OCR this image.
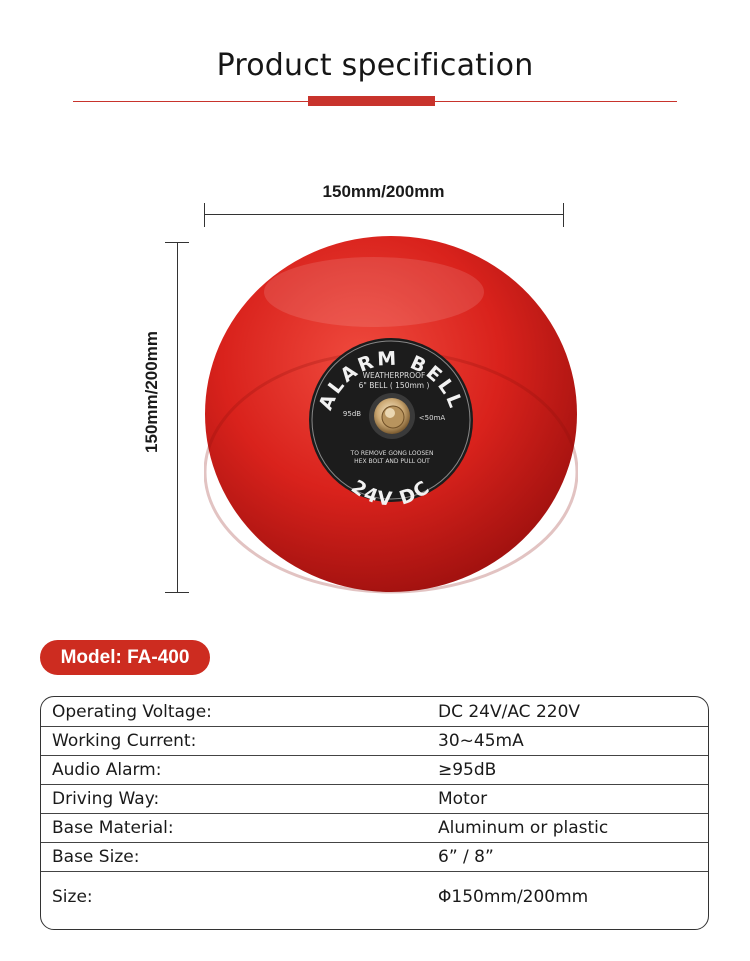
Product specification
150mm/200mm
150mm/200mm	ALARM BELL
24V DC
WEATHERPROOF
6" BELL ( 150mm )
95dB	<50mA
TO REMOVE GONG LOOSEN
HEX BOLT AND PULL OUT
Model: FA-400
Operating Voltage:	DC 24V/AC 220V
Working Current:	30~45mA
Audio Alarm:	≥95dB
Driving Way:	Motor
Base Material:	Aluminum or plastic
Base Size:	6” / 8”
Size:	Φ150mm/200mm
